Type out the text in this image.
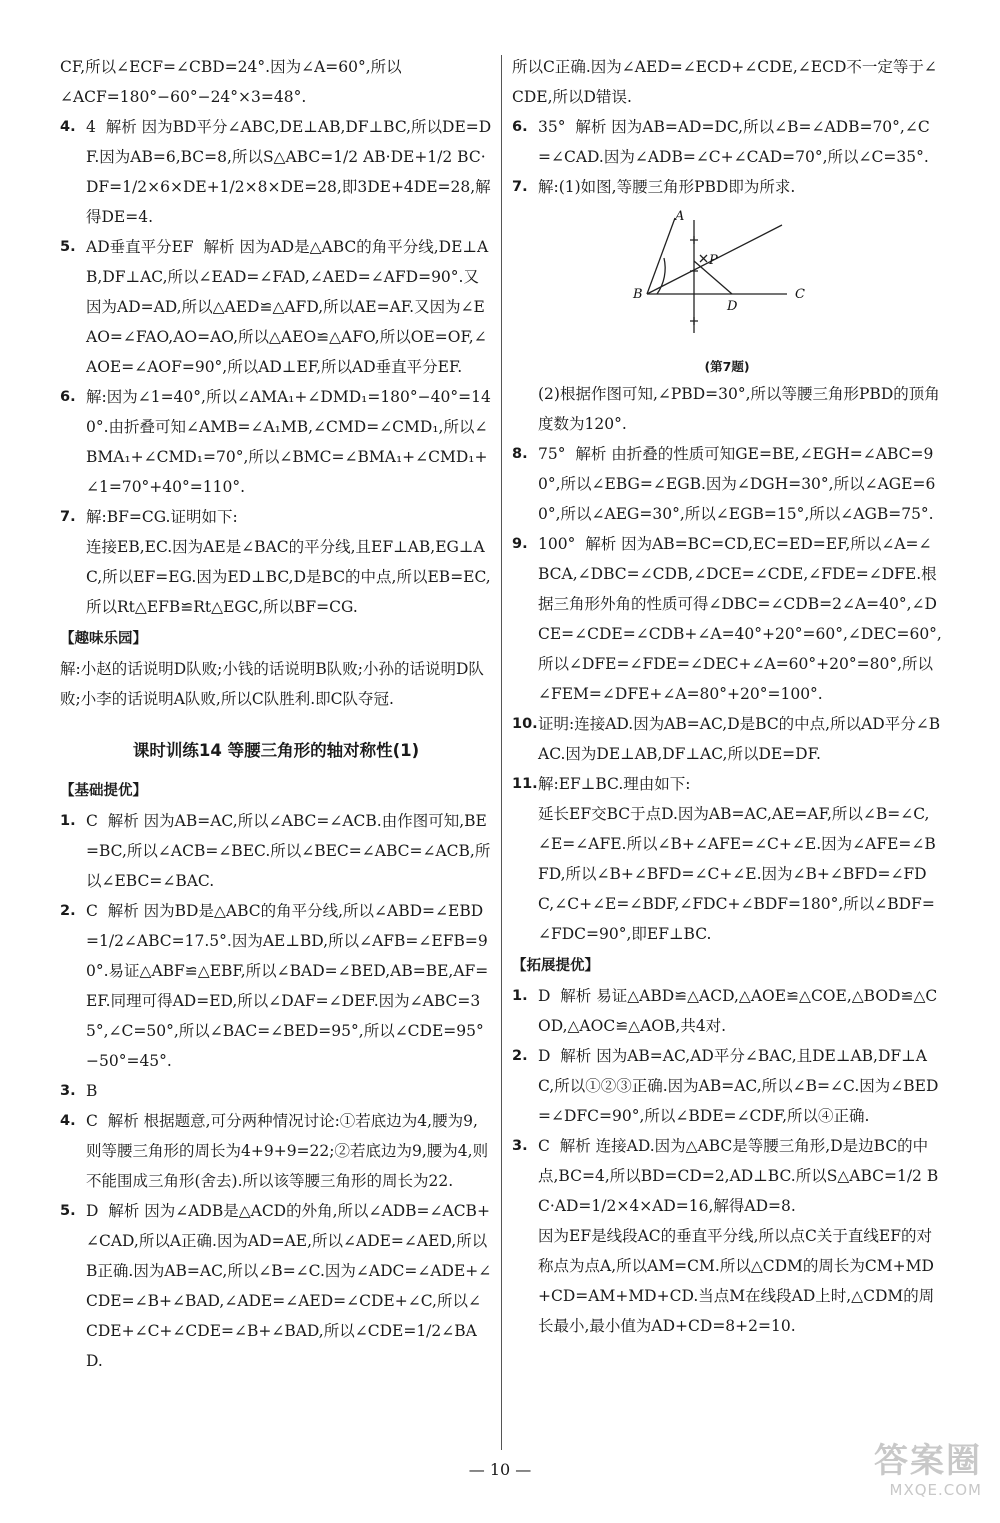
CF,所以∠ECF=∠CBD=24°.因为∠A=60°,所以
∠ACF=180°−60°−24°×3=48°.
4. 4  解析 因为BD平分∠ABC,DE⊥AB,DF⊥BC,所以DE=DF.因为AB=6,BC=8,所以S△ABC=1/2 AB·DE+1/2 BC·DF=1/2×6×DE+1/2×8×DE=28,即3DE+4DE=28,解得DE=4.
5. AD垂直平分EF  解析 因为AD是△ABC的角平分线,DE⊥AB,DF⊥AC,所以∠EAD=∠FAD,∠AED=∠AFD=90°.又因为AD=AD,所以△AED≌△AFD,所以AE=AF.又因为∠EAO=∠FAO,AO=AO,所以△AEO≌△AFO,所以OE=OF,∠AOE=∠AOF=90°,所以AD⊥EF,所以AD垂直平分EF.
6. 解:因为∠1=40°,所以∠AMA₁+∠DMD₁=180°−40°=140°.由折叠可知∠AMB=∠A₁MB,∠CMD=∠CMD₁,所以∠BMA₁+∠CMD₁=70°,所以∠BMC=∠BMA₁+∠CMD₁+∠1=70°+40°=110°.
7. 解:BF=CG.证明如下:
连接EB,EC.因为AE是∠BAC的平分线,且EF⊥AB,EG⊥AC,所以EF=EG.因为ED⊥BC,D是BC的中点,所以EB=EC,所以Rt△EFB≌Rt△EGC,所以BF=CG.
【趣味乐园】
解:小赵的话说明D队败;小钱的话说明B队败;小孙的话说明D队败;小李的话说明A队败,所以C队胜利.即C队夺冠.
课时训练14 等腰三角形的轴对称性(1)
【基础提优】
1. C  解析 因为AB=AC,所以∠ABC=∠ACB.由作图可知,BE=BC,所以∠ACB=∠BEC.所以∠BEC=∠ABC=∠ACB,所以∠EBC=∠BAC.
2. C  解析 因为BD是△ABC的角平分线,所以∠ABD=∠EBD=1/2∠ABC=17.5°.因为AE⊥BD,所以∠AFB=∠EFB=90°.易证△ABF≌△EBF,所以∠BAD=∠BED,AB=BE,AF=EF.同理可得AD=ED,所以∠DAF=∠DEF.因为∠ABC=35°,∠C=50°,所以∠BAC=∠BED=95°,所以∠CDE=95°−50°=45°.
3. B
4. C  解析 根据题意,可分两种情况讨论:①若底边为4,腰为9,则等腰三角形的周长为4+9+9=22;②若底边为9,腰为4,则不能围成三角形(舍去).所以该等腰三角形的周长为22.
5. D  解析 因为∠ADB是△ACD的外角,所以∠ADB=∠ACB+∠CAD,所以A正确.因为AD=AE,所以∠ADE=∠AED,所以B正确.因为AB=AC,所以∠B=∠C.因为∠ADC=∠ADE+∠CDE=∠B+∠BAD,∠ADE=∠AED=∠CDE+∠C,所以∠CDE+∠C+∠CDE=∠B+∠BAD,所以∠CDE=1/2∠BAD.
所以C正确.因为∠AED=∠ECD+∠CDE,∠ECD不一定等于∠CDE,所以D错误.
6. 35°  解析 因为AB=AD=DC,所以∠B=∠ADB=70°,∠C=∠CAD.因为∠ADB=∠C+∠CAD=70°,所以∠C=35°.
7. 解:(1)如图,等腰三角形PBD即为所求.
A
P
B
D
C
(第7题)
(2)根据作图可知,∠PBD=30°,所以等腰三角形PBD的顶角度数为120°.
8. 75°  解析 由折叠的性质可知GE=BE,∠EGH=∠ABC=90°,所以∠EBG=∠EGB.因为∠DGH=30°,所以∠AGE=60°,所以∠AEG=30°,所以∠EGB=15°,所以∠AGB=75°.
9. 100°  解析 因为AB=BC=CD,EC=ED=EF,所以∠A=∠BCA,∠DBC=∠CDB,∠DCE=∠CDE,∠FDE=∠DFE.根据三角形外角的性质可得∠DBC=∠CDB=2∠A=40°,∠DCE=∠CDE=∠CDB+∠A=40°+20°=60°,∠DEC=60°,所以∠DFE=∠FDE=∠DEC+∠A=60°+20°=80°,所以∠FEM=∠DFE+∠A=80°+20°=100°.
10. 证明:连接AD.因为AB=AC,D是BC的中点,所以AD平分∠BAC.因为DE⊥AB,DF⊥AC,所以DE=DF.
11. 解:EF⊥BC.理由如下:
延长EF交BC于点D.因为AB=AC,AE=AF,所以∠B=∠C,∠E=∠AFE.所以∠B+∠AFE=∠C+∠E.因为∠AFE=∠BFD,所以∠B+∠BFD=∠C+∠E.因为∠B+∠BFD=∠FDC,∠C+∠E=∠BDF,∠FDC+∠BDF=180°,所以∠BDF=∠FDC=90°,即EF⊥BC.
【拓展提优】
1. D  解析 易证△ABD≌△ACD,△AOE≌△COE,△BOD≌△COD,△AOC≌△AOB,共4对.
2. D  解析 因为AB=AC,AD平分∠BAC,且DE⊥AB,DF⊥AC,所以①②③正确.因为AB=AC,所以∠B=∠C.因为∠BED=∠DFC=90°,所以∠BDE=∠CDF,所以④正确.
3. C  解析 连接AD.因为△ABC是等腰三角形,D是边BC的中点,BC=4,所以BD=CD=2,AD⊥BC.所以S△ABC=1/2 BC·AD=1/2×4×AD=16,解得AD=8.
因为EF是线段AC的垂直平分线,所以点C关于直线EF的对称点为点A,所以AM=CM.所以△CDM的周长为CM+MD+CD=AM+MD+CD.当点M在线段AD上时,△CDM的周长最小,最小值为AD+CD=8+2=10.
— 10 —	答案圈
MXQE.COM
